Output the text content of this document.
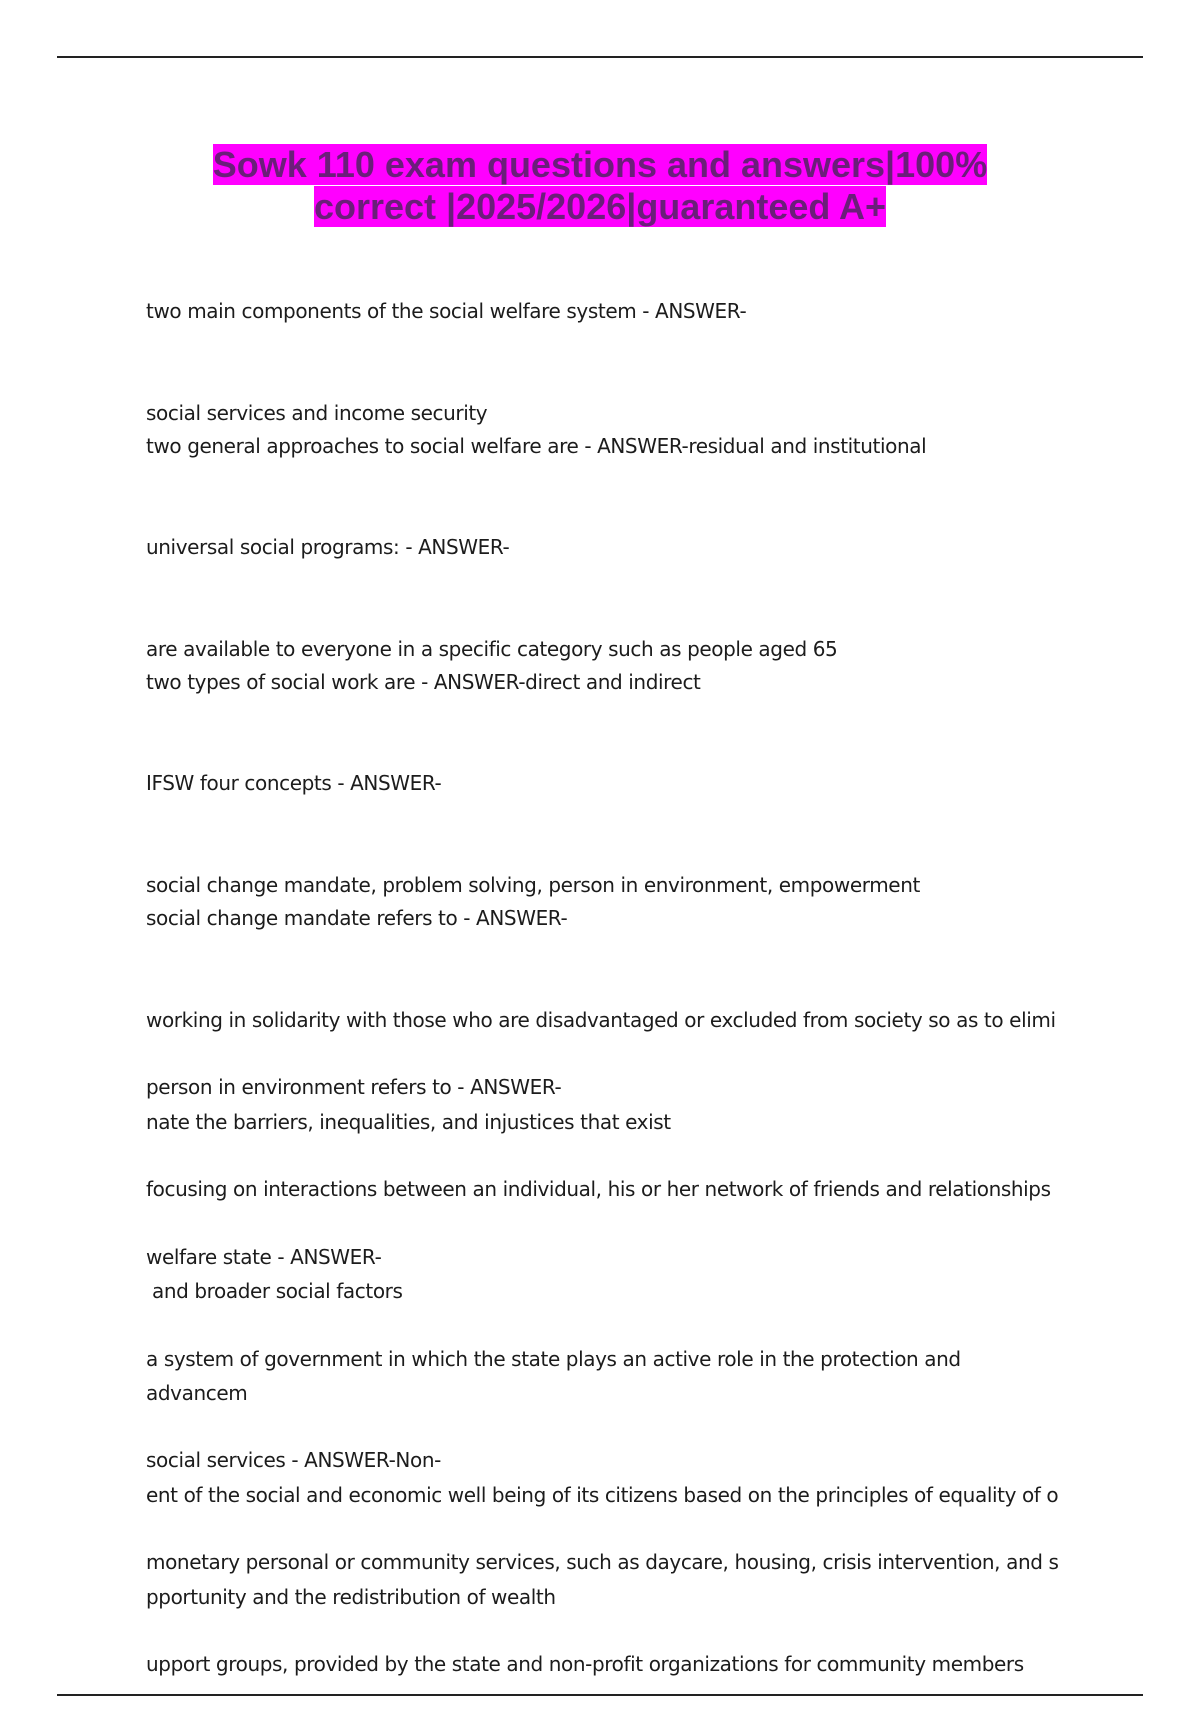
Sowk 110 exam questions and answers|100%
correct |2025/2026|guaranteed A+

two main components of the social welfare system - ANSWER-

social services and income security

two general approaches to social welfare are - ANSWER-residual and institutional

universal social programs: - ANSWER-

are available to everyone in a specific category such as people aged 65

two types of social work are - ANSWER-direct and indirect

IFSW four concepts - ANSWER-

social change mandate, problem solving, person in environment, empowerment

social change mandate refers to - ANSWER-

working in solidarity with those who are disadvantaged or excluded from society so as to elimi

nate the barriers, inequalities, and injustices that exist

person in environment refers to - ANSWER-

focusing on interactions between an individual, his or her network of friends and relationships

and broader social factors

welfare state - ANSWER-

a system of government in which the state plays an active role in the protection and advancem

ent of the social and economic well being of its citizens based on the principles of equality of o

pportunity and the redistribution of wealth

social services - ANSWER-Non-

monetary personal or community services, such as daycare, housing, crisis intervention, and s

upport groups, provided by the state and non-profit organizations for community members
